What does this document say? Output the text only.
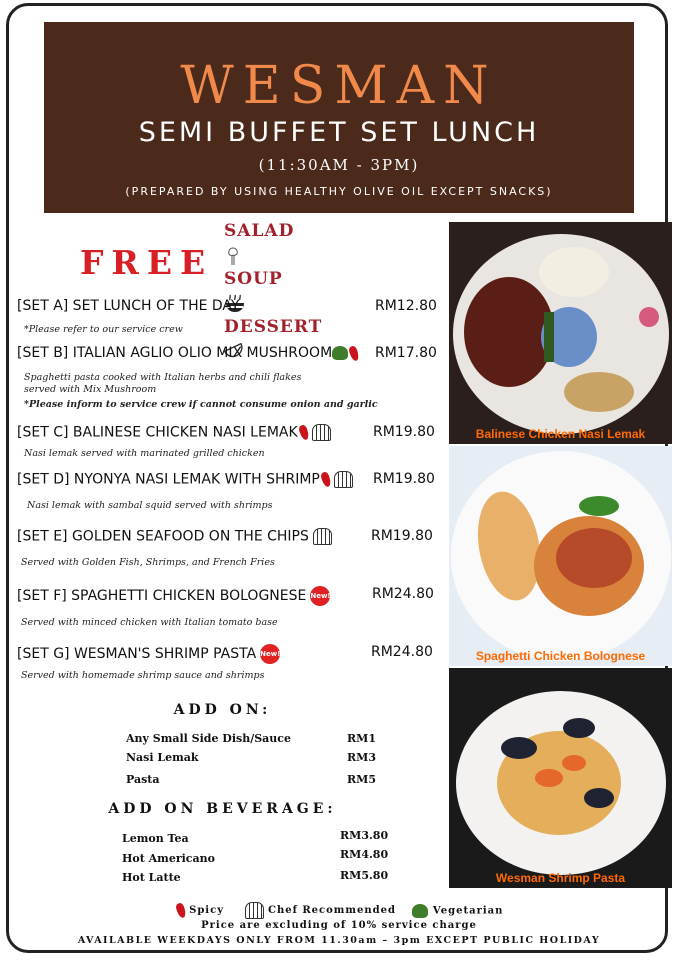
WESMAN
SEMI BUFFET SET LUNCH
(11:30AM - 3PM)
(PREPARED BY USING HEALTHY OLIVE OIL EXCEPT SNACKS)
FREE
SALAD
SOUP
DESSERT
[SET A] SET LUNCH OF THE DAY	RM12.80
*Please refer to our service crew
[SET B] ITALIAN AGLIO OLIO MIX MUSHROOM	RM17.80
Spaghetti pasta cooked with Italian herbs and chili flakes
served with Mix Mushroom
*Please inform to service crew if cannot consume onion and garlic
[SET C] BALINESE CHICKEN NASI LEMAK	RM19.80
Nasi lemak served with marinated grilled chicken
[SET D] NYONYA NASI LEMAK WITH SHRIMP	RM19.80
Nasi lemak with sambal squid served with shrimps
[SET E] GOLDEN SEAFOOD ON THE CHIPS	RM19.80
Served with Golden Fish, Shrimps, and French Fries
[SET F] SPAGHETTI CHICKEN BOLOGNESE New!	RM24.80
Served with minced chicken with Italian tomato base
[SET G] WESMAN'S SHRIMP PASTA New!	RM24.80
Served with homemade shrimp sauce and shrimps
ADD ON:
Any Small Side Dish/Sauce	RM1
Nasi Lemak	RM3
Pasta	RM5
ADD ON BEVERAGE:
Lemon Tea	RM3.80
Hot Americano	RM4.80
Hot Latte	RM5.80
Balinese Chicken Nasi Lemak
Spaghetti Chicken Bolognese
Wesman Shrimp Pasta
Spicy	Chef Recommended	Vegetarian
Price are excluding of 10% service charge
AVAILABLE WEEKDAYS ONLY FROM 11.30am – 3pm EXCEPT PUBLIC HOLIDAY
